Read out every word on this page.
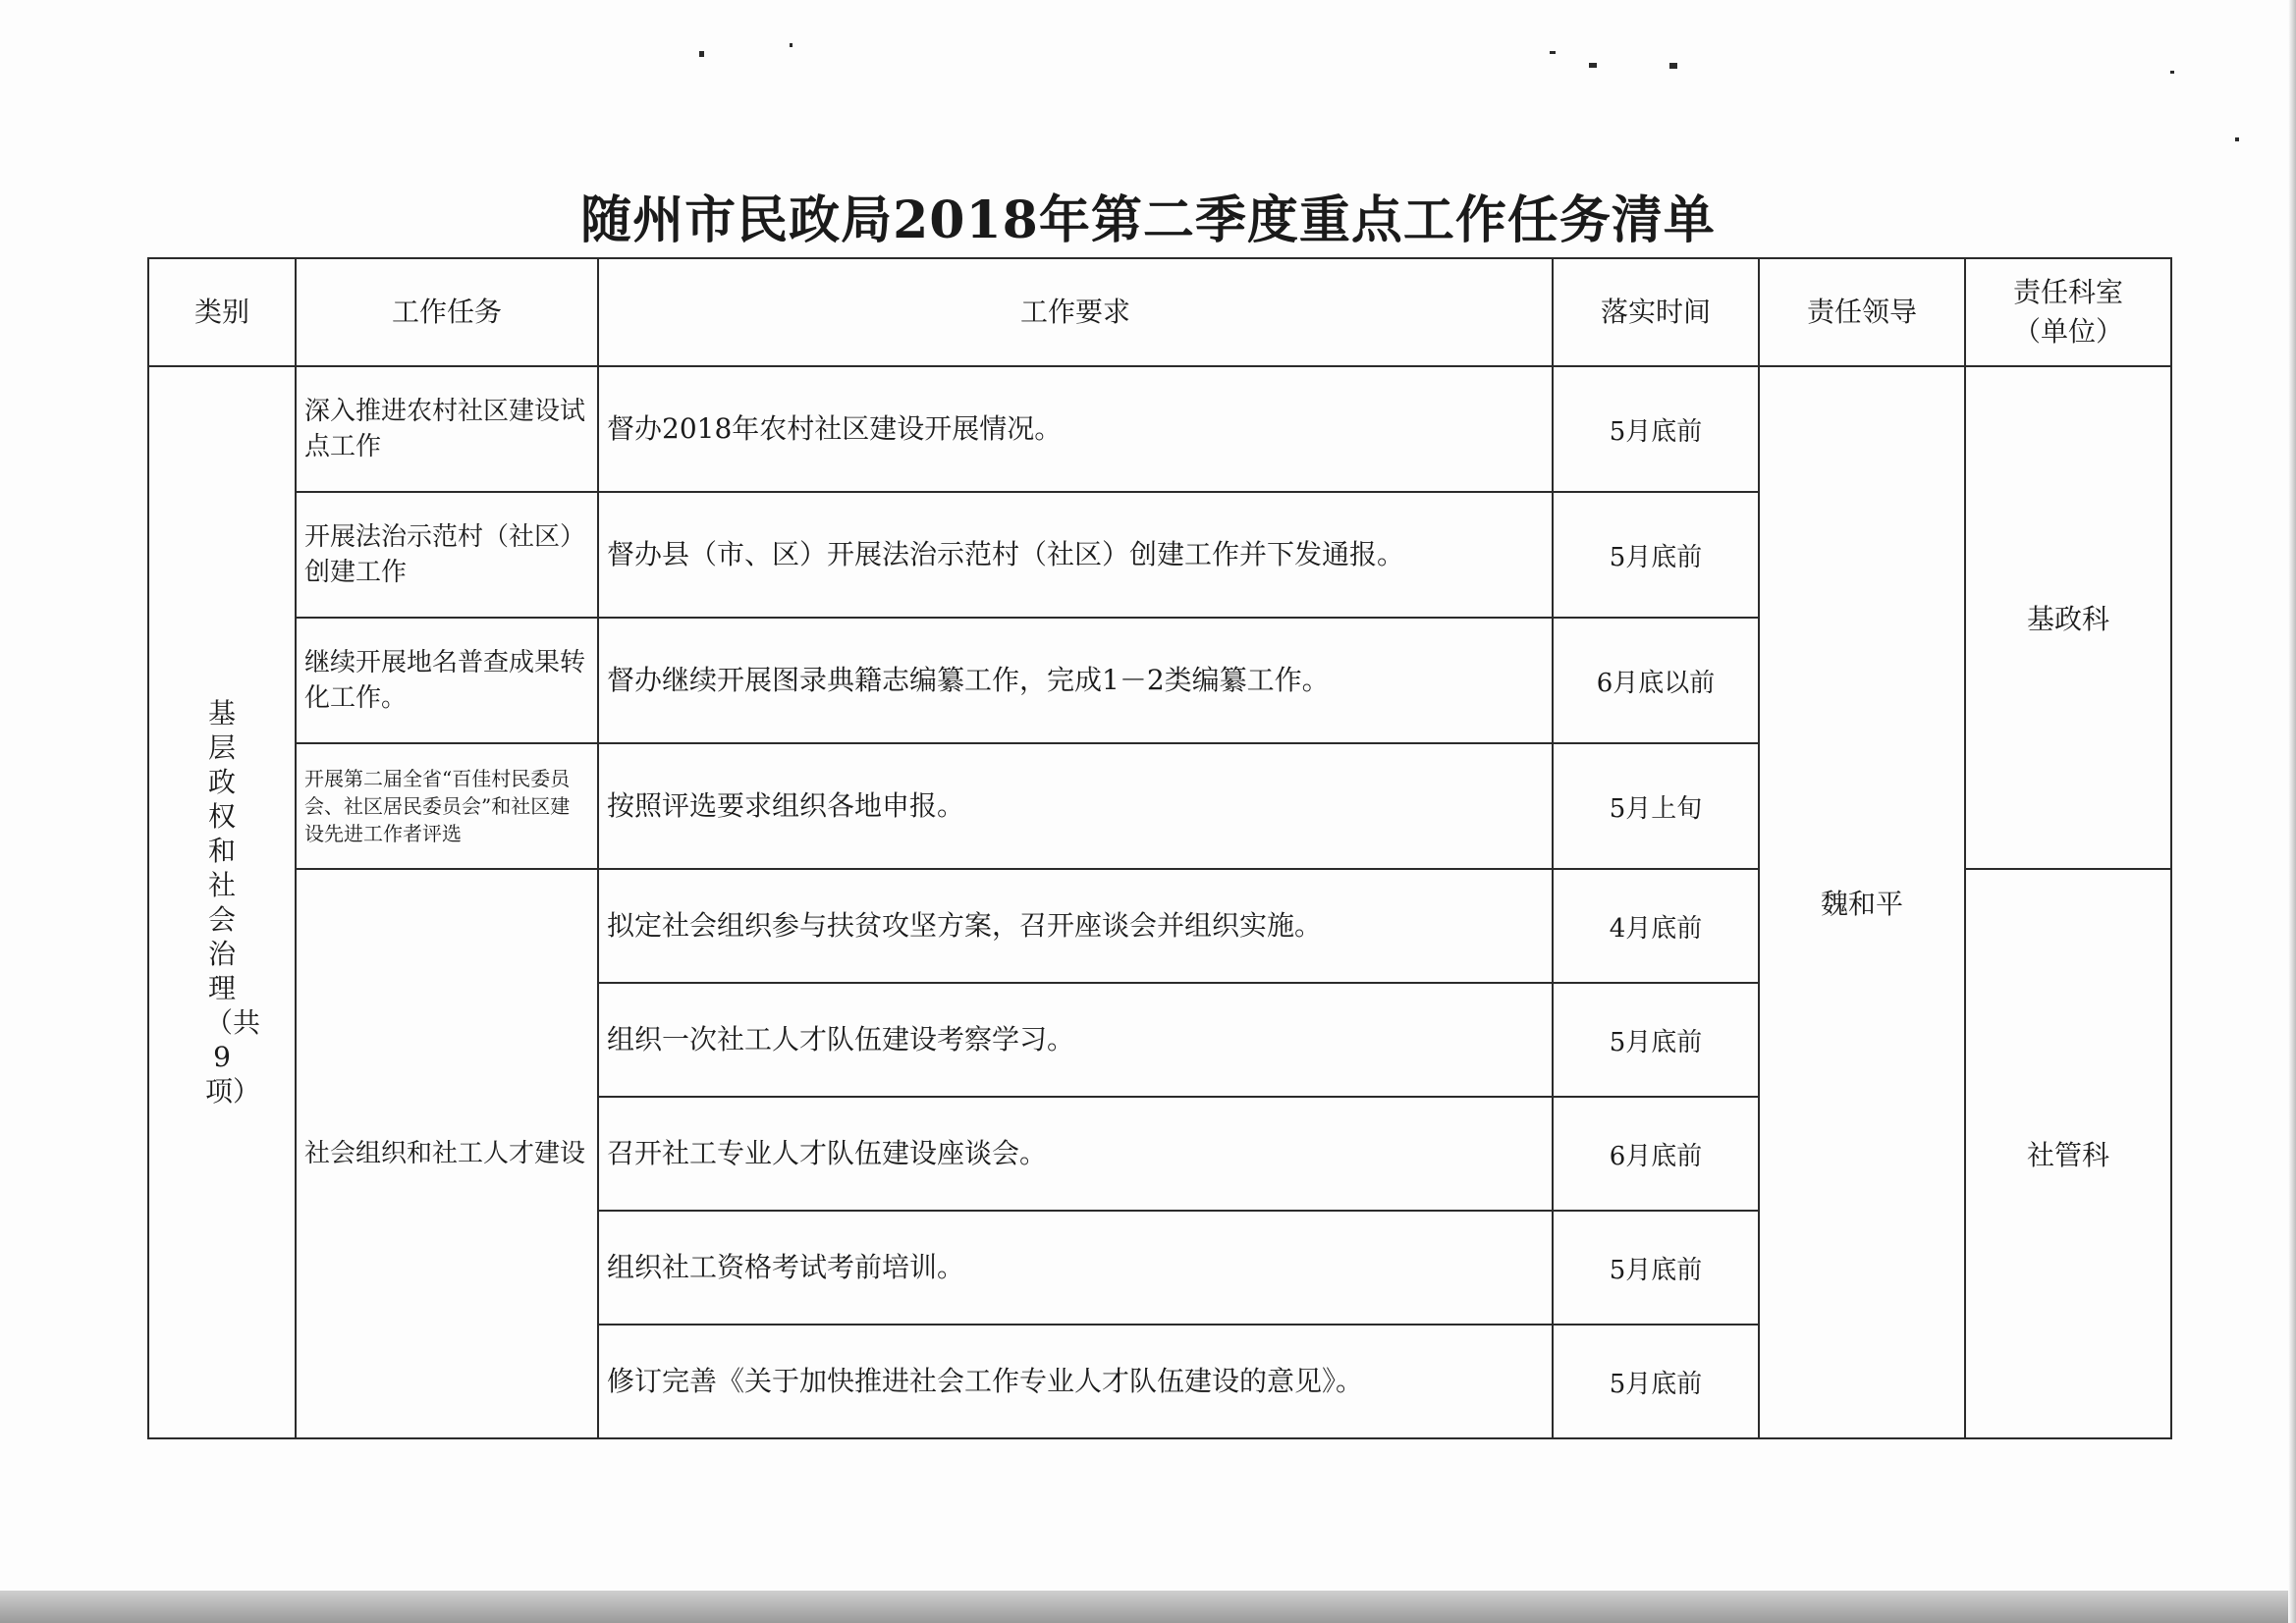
随州市民政局2018年第二季度重点工作任务清单
类别	工作任务	工作要求	落实时间	责任领导	责任科室
（单位）

基层政权和社会治理（共9项）	深入推进农村社区建设试点工作	督办2018年农村社区建设开展情况。	5月底前	魏和平	基政科
	开展法治示范村（社区）创建工作	督办县（市、区）开展法治示范村（社区）创建工作并下发通报。	5月底前		
	继续开展地名普查成果转化工作。	督办继续开展图录典籍志编纂工作，完成1－2类编纂工作。	6月底以前		
	开展第二届全省“百佳村民委员会、社区居民委员会”和社区建设先进工作者评选	按照评选要求组织各地申报。	5月上旬		
	社会组织和社工人才建设	拟定社会组织参与扶贫攻坚方案，召开座谈会并组织实施。	4月底前		社管科
		组织一次社工人才队伍建设考察学习。	5月底前		
		召开社工专业人才队伍建设座谈会。	6月底前		
		组织社工资格考试考前培训。	5月底前		
		修订完善《关于加快推进社会工作专业人才队伍建设的意见》。	5月底前		
